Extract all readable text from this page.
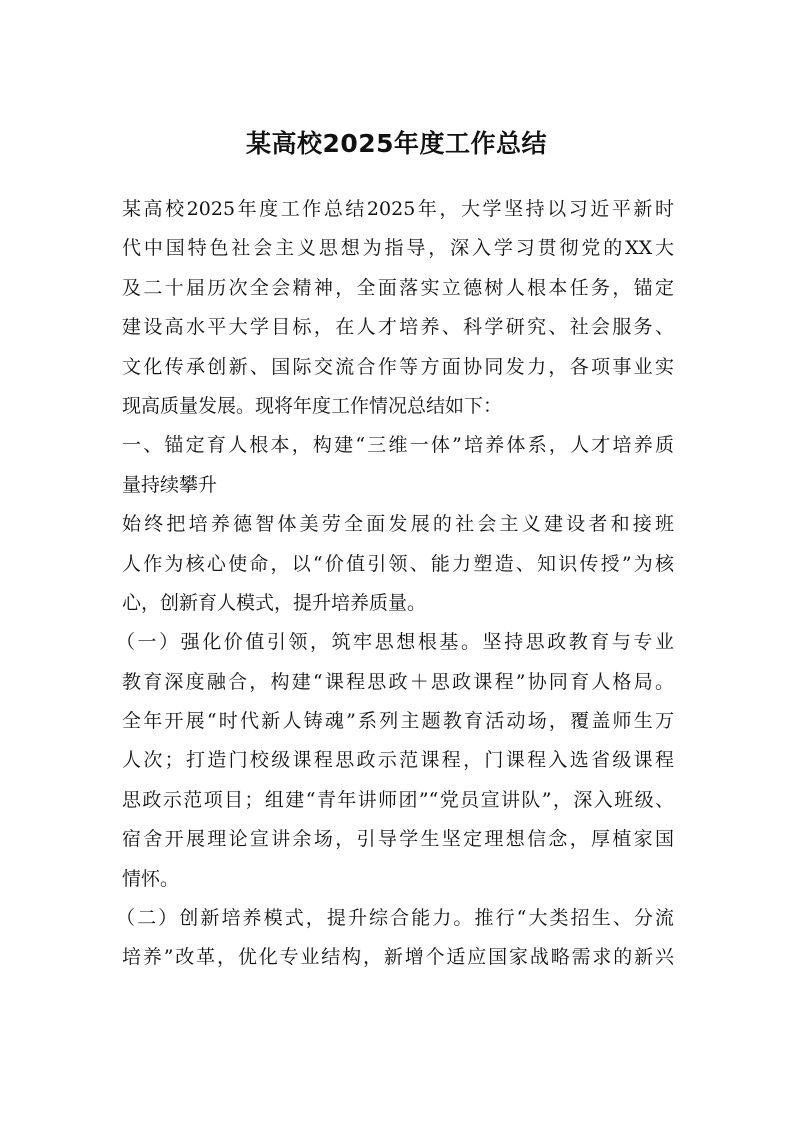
某高校2025年度工作总结
某高校2025年度工作总结2025年，大学坚持以习近平新时
代中国特色社会主义思想为指导，深入学习贯彻党的XX大
及二十届历次全会精神，全面落实立德树人根本任务，锚定
建设高水平大学目标，在人才培养、科学研究、社会服务、
文化传承创新、国际交流合作等方面协同发力，各项事业实
现高质量发展。现将年度工作情况总结如下：
一、锚定育人根本，构建“三维一体”培养体系，人才培养质
量持续攀升
始终把培养德智体美劳全面发展的社会主义建设者和接班
人作为核心使命，以“价值引领、能力塑造、知识传授”为核
心，创新育人模式，提升培养质量。
（一）强化价值引领，筑牢思想根基。坚持思政教育与专业
教育深度融合，构建“课程思政＋思政课程”协同育人格局。
全年开展“时代新人铸魂”系列主题教育活动场，覆盖师生万
人次；打造门校级课程思政示范课程，门课程入选省级课程
思政示范项目；组建“青年讲师团”“党员宣讲队”，深入班级、
宿舍开展理论宣讲余场，引导学生坚定理想信念，厚植家国
情怀。
（二）创新培养模式，提升综合能力。推行“大类招生、分流
培养”改革，优化专业结构，新增个适应国家战略需求的新兴
